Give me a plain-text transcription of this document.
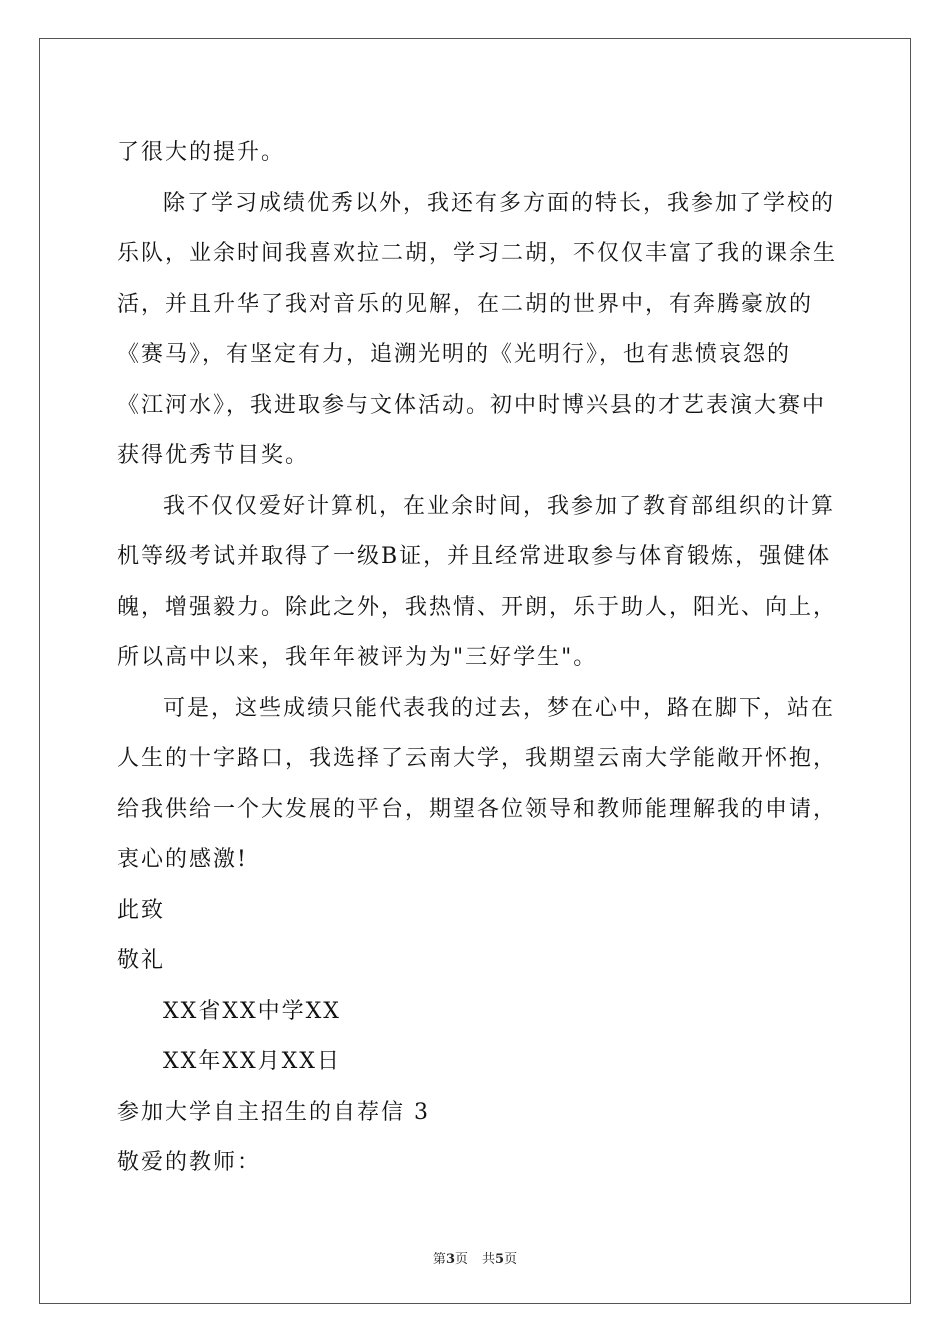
了很大的提升。
除了学习成绩优秀以外，我还有多方面的特长，我参加了学校的
乐队，业余时间我喜欢拉二胡，学习二胡，不仅仅丰富了我的课余生
活，并且升华了我对音乐的见解，在二胡的世界中，有奔腾豪放的
《赛马》，有坚定有力，追溯光明的《光明行》，也有悲愤哀怨的
《江河水》，我进取参与文体活动。初中时博兴县的才艺表演大赛中
获得优秀节目奖。
我不仅仅爱好计算机，在业余时间，我参加了教育部组织的计算
机等级考试并取得了一级B证，并且经常进取参与体育锻炼，强健体
魄，增强毅力。除此之外，我热情、开朗，乐于助人，阳光、向上，
所以高中以来，我年年被评为为"三好学生"。
可是，这些成绩只能代表我的过去，梦在心中，路在脚下，站在
人生的十字路口，我选择了云南大学，我期望云南大学能敞开怀抱，
给我供给一个大发展的平台，期望各位领导和教师能理解我的申请，
衷心的感激!
此致
敬礼
XX省XX中学XX
XX年XX月XX日
参加大学自主招生的自荐信 3
敬爱的教师：
第3页 共5页
